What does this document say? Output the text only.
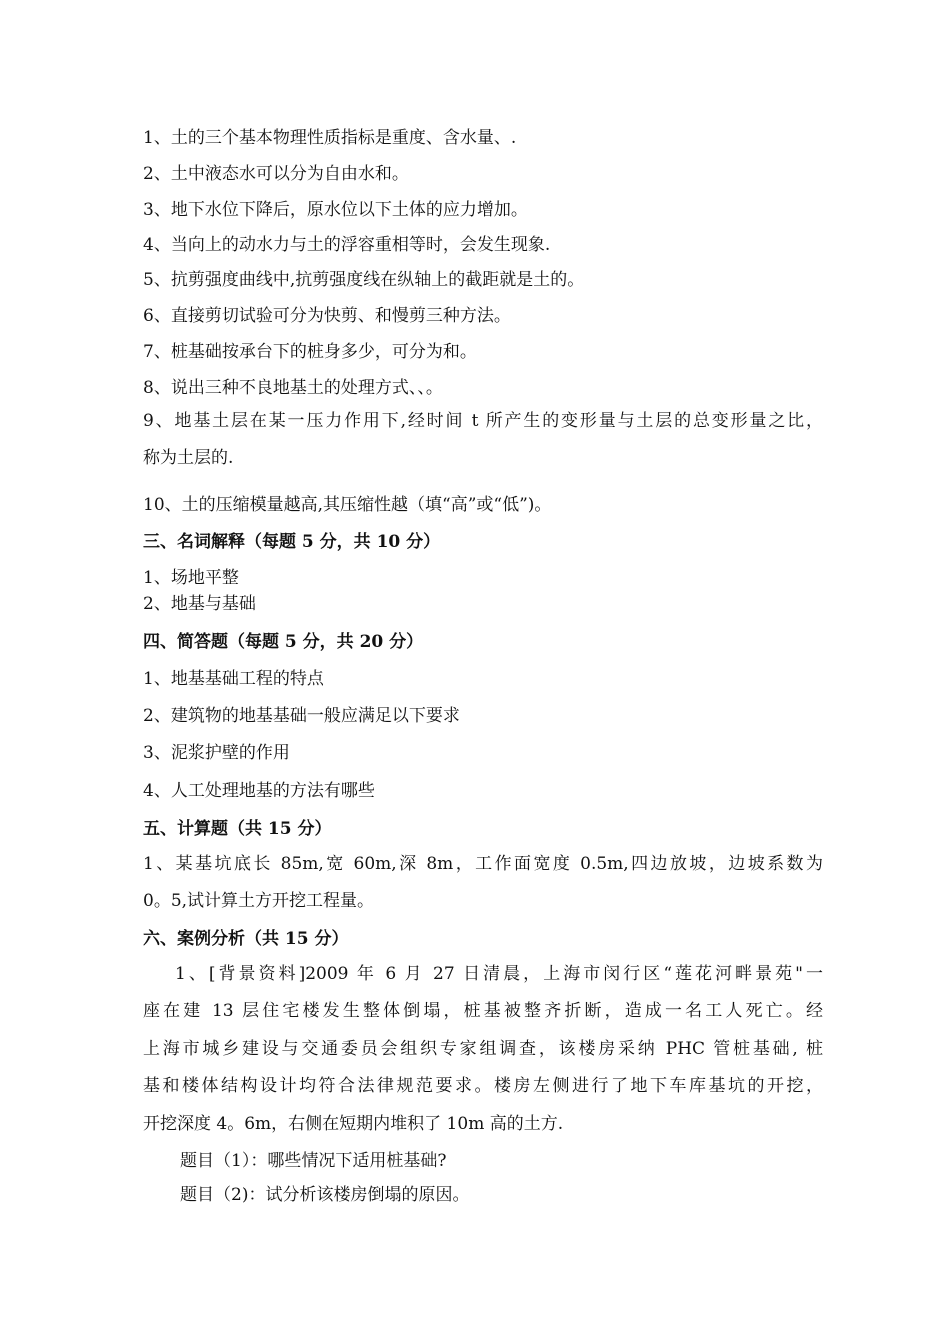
1、土的三个基本物理性质指标是重度、含水量、.
2、土中液态水可以分为自由水和。
3、地下水位下降后，原水位以下土体的应力增加。
4、当向上的动水力与土的浮容重相等时，会发生现象.
5、抗剪强度曲线中,抗剪强度线在纵轴上的截距就是土的。
6、直接剪切试验可分为快剪、和慢剪三种方法。
7、桩基础按承台下的桩身多少，可分为和。
8、说出三种不良地基土的处理方式、、。
9、地基土层在某一压力作用下,经时间 t 所产生的变形量与土层的总变形量之比，
称为土层的.
10、土的压缩模量越高,其压缩性越（填“高”或“低”)。
三、名词解释（每题 5 分，共 10 分）
1、场地平整
2、地基与基础
四、简答题（每题 5 分，共 20 分）
1、地基基础工程的特点
2、建筑物的地基基础一般应满足以下要求
3、泥浆护壁的作用
4、人工处理地基的方法有哪些
五、计算题（共 15 分）
1、某基坑底长 85m,宽 60m,深 8m，工作面宽度 0.5m,四边放坡，边坡系数为
0。5,试计算土方开挖工程量。
六、案例分析（共 15 分）
1、[背景资料]2009 年 6 月 27 日清晨，上海市闵行区“莲花河畔景苑"一
座在建 13 层住宅楼发生整体倒塌，桩基被整齐折断，造成一名工人死亡。经
上海市城乡建设与交通委员会组织专家组调查，该楼房采纳 PHC 管桩基础, 桩
基和楼体结构设计均符合法律规范要求。楼房左侧进行了地下车库基坑的开挖，
开挖深度 4。6m，右侧在短期内堆积了 10m 高的土方.
题目（1）：哪些情况下适用桩基础?
题目（2)：试分析该楼房倒塌的原因。
